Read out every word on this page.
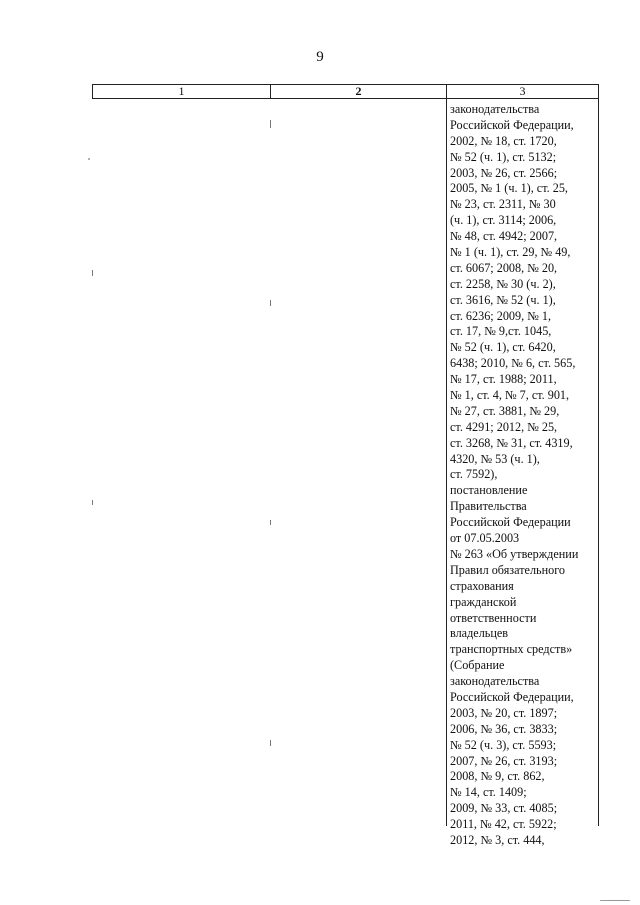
9
1	2	3
законодательства
Российской Федерации,
2002, № 18, ст. 1720,
№ 52 (ч. 1), ст. 5132;
2003, № 26, ст. 2566;
2005, № 1 (ч. 1), ст. 25,
№ 23, ст. 2311, № 30
(ч. 1), ст. 3114; 2006,
№ 48, ст. 4942; 2007,
№ 1 (ч. 1), ст. 29, № 49,
ст. 6067; 2008, № 20,
ст. 2258, № 30 (ч. 2),
ст. 3616, № 52 (ч. 1),
ст. 6236; 2009, № 1,
ст. 17, № 9,ст. 1045,
№ 52 (ч. 1), ст. 6420,
6438; 2010, № 6, ст. 565,
№ 17, ст. 1988; 2011,
№ 1, ст. 4, № 7, ст. 901,
№ 27, ст. 3881, № 29,
ст. 4291; 2012, № 25,
ст. 3268, № 31, ст. 4319,
4320, № 53 (ч. 1),
ст. 7592),
постановление
Правительства
Российской Федерации
от 07.05.2003
№ 263 «Об утверждении
Правил обязательного
страхования
гражданской
ответственности
владельцев
транспортных средств»
(Собрание
законодательства
Российской Федерации,
2003, № 20, ст. 1897;
2006, № 36, ст. 3833;
№ 52 (ч. 3), ст. 5593;
2007, № 26, ст. 3193;
2008, № 9, ст. 862,
№ 14, ст. 1409;
2009, № 33, ст. 4085;
2011, № 42, ст. 5922;
2012, № 3, ст. 444,
